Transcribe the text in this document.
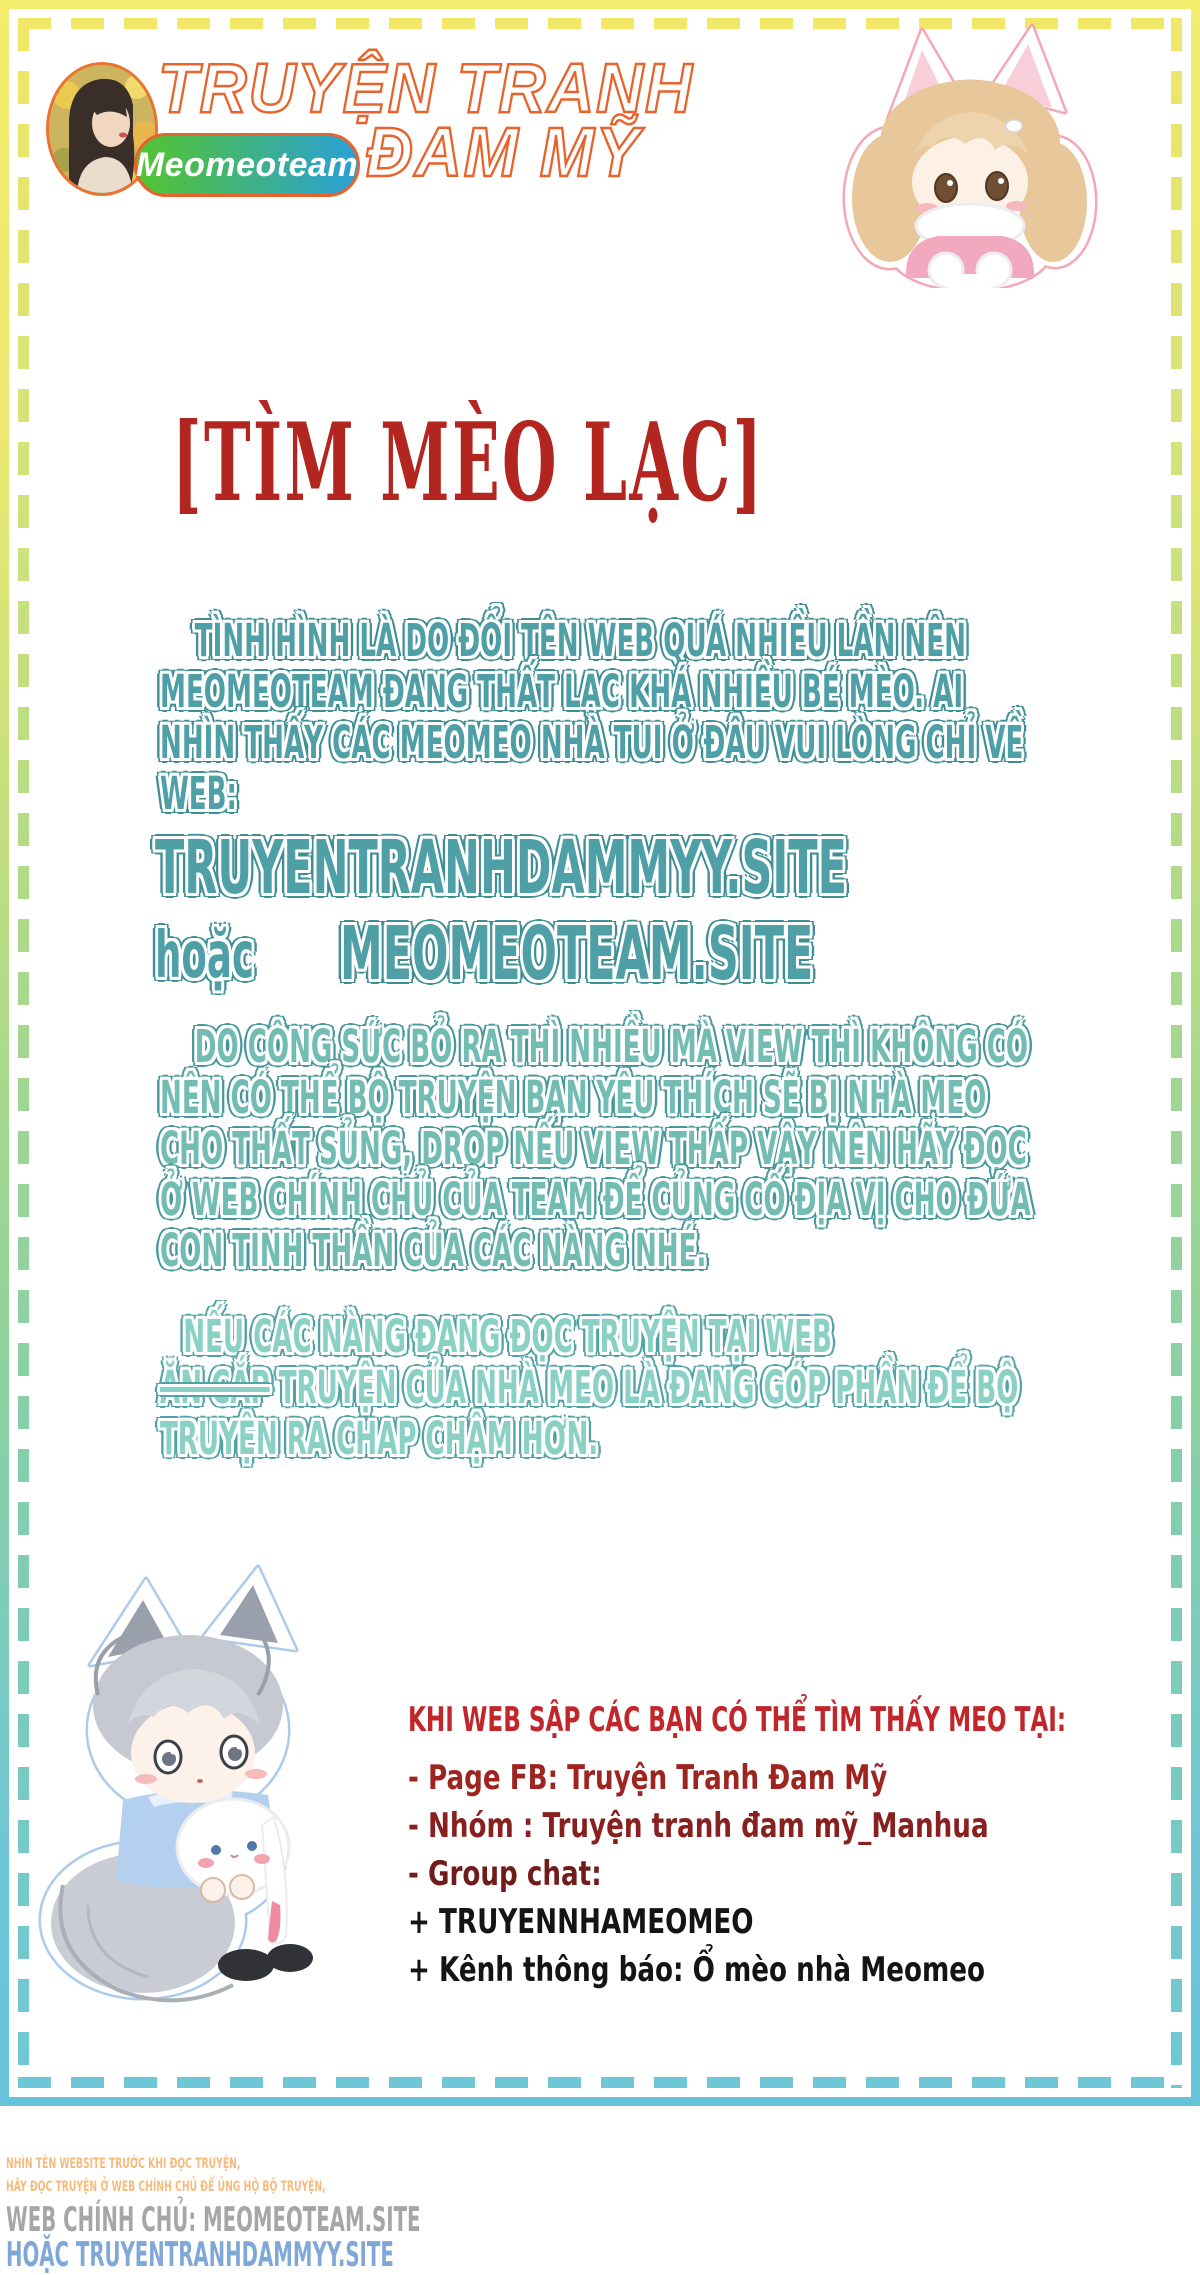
TRUYỆN TRANH
ĐAM MỸ
Meomeoteam
[TÌM MÈO LẠC]
TÌNH HÌNH LÀ DO ĐỔI TÊN WEB QUÁ NHIỀU LẦN NÊN
MEOMEOTEAM ĐANG THẤT LẠC KHÁ NHIỀU BÉ MÈO. AI
NHÌN THẤY CÁC MEOMEO NHÀ TUI Ở ĐÂU VUI LÒNG CHỈ VỀ
WEB:
TRUYENTRANHDAMMYY.SITE
hoặc	MEOMEOTEAM.SITE
DO CÔNG SỨC BỎ RA THÌ NHIỀU MÀ VIEW THÌ KHÔNG CÓ
NÊN CÓ THỂ BỘ TRUYỆN BẠN YÊU THÍCH SẼ BỊ NHÀ MEO
CHO THẤT SỦNG, DROP NẾU VIEW THẤP VẬY NÊN HÃY ĐỌC
Ở WEB CHÍNH CHỦ CỦA TEAM ĐỂ CỦNG CỐ ĐỊA VỊ CHO ĐỨA
CON TINH THẦN CỦA CÁC NÀNG NHÉ.
NẾU CÁC NÀNG ĐANG ĐỌC TRUYỆN TẠI WEB
ĂN CẮP TRUYỆN CỦA NHÀ MEO LÀ ĐANG GÓP PHẦN ĐỂ BỘ
TRUYỆN RA CHAP CHẬM HƠN.
KHI WEB SẬP CÁC BẠN CÓ THỂ TÌM THẤY MEO TẠI:
- Page FB: Truyện Tranh Đam Mỹ
- Nhóm : Truyện tranh đam mỹ_Manhua
- Group chat:
+ TRUYENNHAMEOMEO
+ Kênh thông báo: Ổ mèo nhà Meomeo
NHÌN TÊN WEBSITE TRƯỚC KHI ĐỌC TRUYỆN,
HÃY ĐỌC TRUYỆN Ở WEB CHÍNH CHỦ ĐỂ ỦNG HỘ BỘ TRUYỆN,
WEB CHÍNH CHỦ: MEOMEOTEAM.SITE
HOẶC TRUYENTRANHDAMMYY.SITE
